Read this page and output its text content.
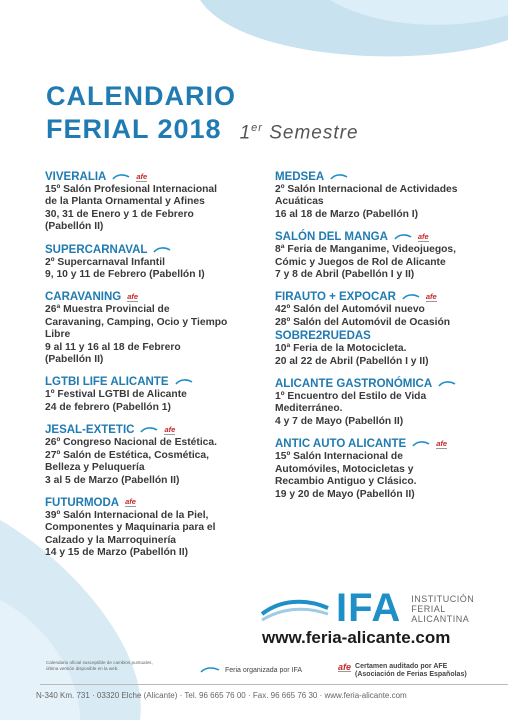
CALENDARIO
FERIAL 2018 1er Semestre
VIVERALIA	afe
15º Salón Profesional Internacional
de la Planta Ornamental y Afines
30, 31 de Enero y 1 de Febrero
(Pabellón II)
SUPERCARNAVAL
2º Supercarnaval Infantil
9, 10 y 11 de Febrero (Pabellón I)
CARAVANING afe
26ª Muestra Provincial de
Caravaning, Camping, Ocio y Tiempo
Libre
9 al 11 y 16 al 18 de Febrero
(Pabellón II)
LGTBI LIFE ALICANTE
1º Festival LGTBI de Alicante
24 de febrero (Pabellón 1)
JESAL-EXTETIC	afe
26º Congreso Nacional de Estética.
27º Salón de Estética, Cosmética,
Belleza y Peluquería
3 al 5 de Marzo (Pabellón II)
FUTURMODA afe
39º Salón Internacional de la Piel,
Componentes y Maquinaria para el
Calzado y la Marroquinería
14 y 15 de Marzo (Pabellón II)
MEDSEA
2º Salón Internacional de Actividades
Acuáticas
16 al 18 de Marzo (Pabellón I)
SALÓN DEL MANGA	afe
8ª Feria de Manganime, Videojuegos,
Cómic y Juegos de Rol de Alicante
7 y 8 de Abril (Pabellón I y II)
FIRAUTO + EXPOCAR	afe
42º Salón del Automóvil nuevo
28º Salón del Automóvil de Ocasión
SOBRE2RUEDAS
10ª Feria de la Motocicleta.
20 al 22 de Abril (Pabellón I y II)
ALICANTE GASTRONÓMICA
1º Encuentro del Estilo de Vida
Mediterráneo.
4 y 7 de Mayo (Pabellón II)
ANTIC AUTO ALICANTE	afe
15º Salón Internacional de
Automóviles, Motocicletas y
Recambio Antiguo y Clásico.
19 y 20 de Mayo (Pabellón II)
IFA INSTITUCIÓN
FERIAL
ALICANTINA
www.feria-alicante.com
Calendario oficial susceptible de cambios puntuales,
última versión disponible en la web.	Feria organizada por IFA	afe Certamen auditado por AFE
(Asociación de Ferias Españolas)
N-340 Km. 731 · 03320 Elche (Alicante) · Tel. 96 665 76 00 · Fax. 96 665 76 30 · www.feria-alicante.com
